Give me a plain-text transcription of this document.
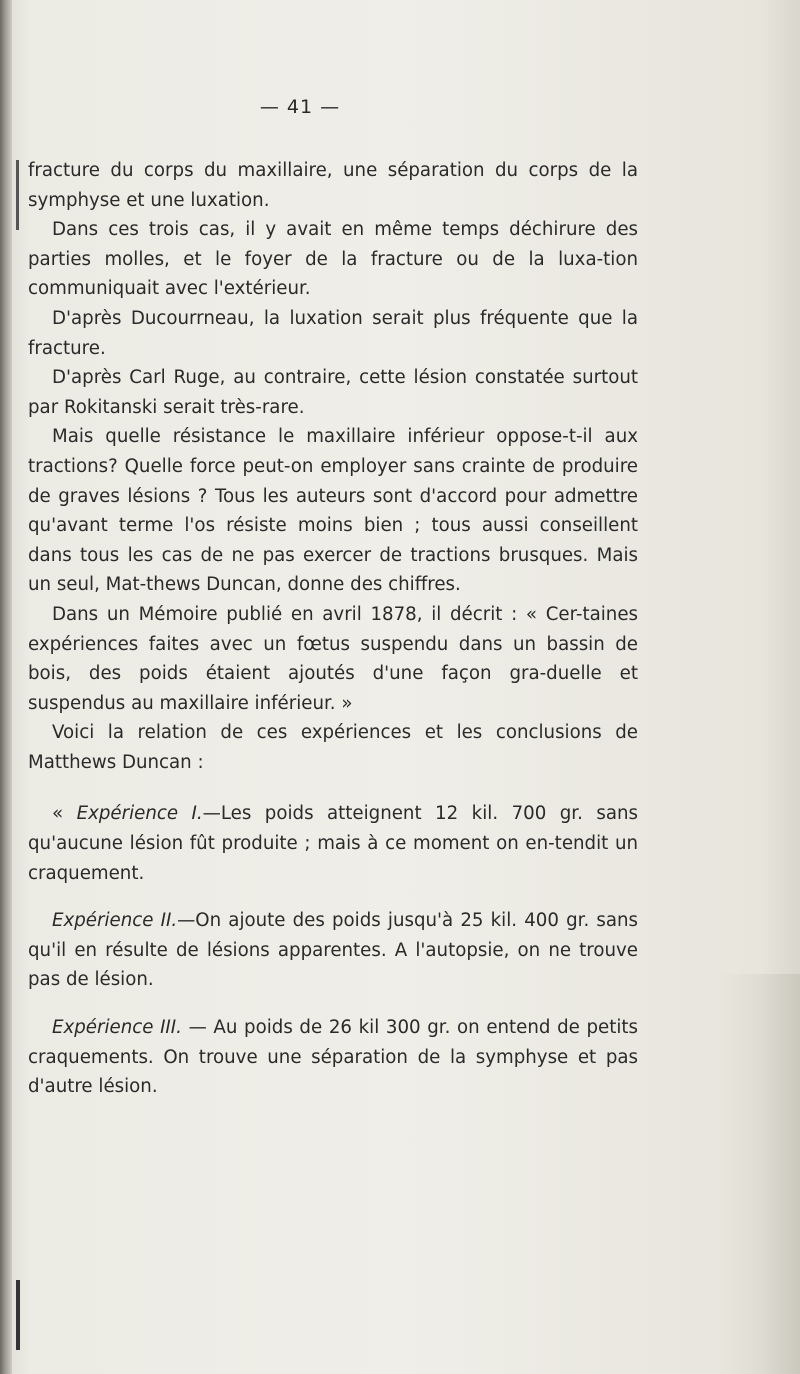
— 41 —

fracture du corps du maxillaire, une séparation du corps de la symphyse et une luxation.

Dans ces trois cas, il y avait en même temps déchirure des parties molles, et le foyer de la fracture ou de la luxa-tion communiquait avec l'extérieur.

D'après Ducourrneau, la luxation serait plus fréquente que la fracture.

D'après Carl Ruge, au contraire, cette lésion constatée surtout par Rokitanski serait très-rare.

Mais quelle résistance le maxillaire inférieur oppose-t-il aux tractions? Quelle force peut-on employer sans crainte de produire de graves lésions ? Tous les auteurs sont d'accord pour admettre qu'avant terme l'os résiste moins bien ; tous aussi conseillent dans tous les cas de ne pas exercer de tractions brusques. Mais un seul, Mat-thews Duncan, donne des chiffres.

Dans un Mémoire publié en avril 1878, il décrit : « Cer-taines expériences faites avec un fœtus suspendu dans un bassin de bois, des poids étaient ajoutés d'une façon gra-duelle et suspendus au maxillaire inférieur. »

Voici la relation de ces expériences et les conclusions de Matthews Duncan :

« Expérience I.—Les poids atteignent 12 kil. 700 gr. sans qu'aucune lésion fût produite ; mais à ce moment on en-tendit un craquement.

Expérience II.—On ajoute des poids jusqu'à 25 kil. 400 gr. sans qu'il en résulte de lésions apparentes. A l'autopsie, on ne trouve pas de lésion.

Expérience III. — Au poids de 26 kil 300 gr. on entend de petits craquements. On trouve une séparation de la symphyse et pas d'autre lésion.
